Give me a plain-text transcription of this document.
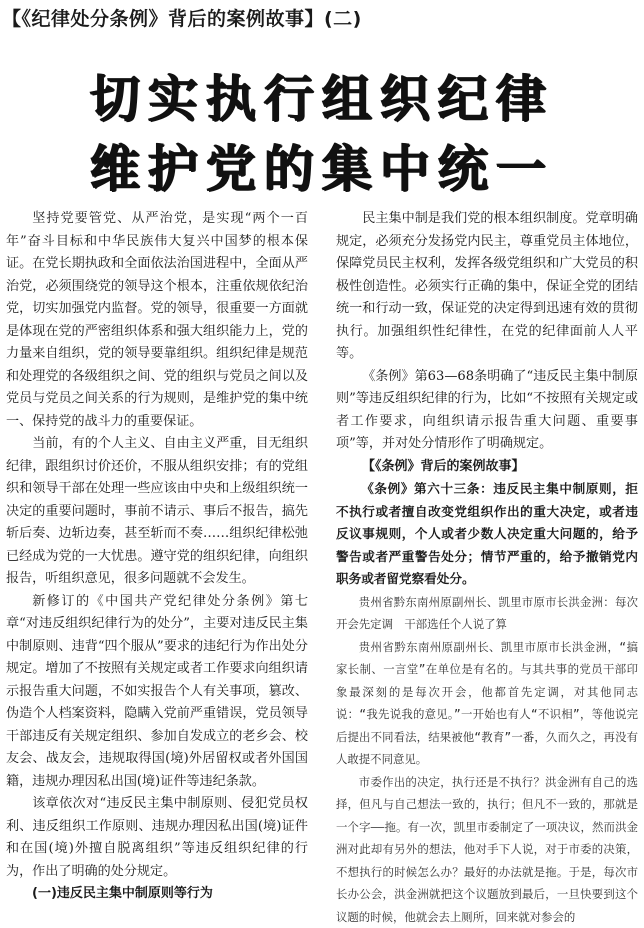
【《纪律处分条例》背后的案例故事】(二)
切实执行组织纪律
维护党的集中统一

坚持党要管党、从严治党，是实现“两个一百年”奋斗目标和中华民族伟大复兴中国梦的根本保证。在党长期执政和全面依法治国进程中，全面从严治党，必须围绕党的领导这个根本，注重依规依纪治党，切实加强党内监督。党的领导，很重要一方面就是体现在党的严密组织体系和强大组织能力上，党的力量来自组织，党的领导要靠组织。组织纪律是规范和处理党的各级组织之间、党的组织与党员之间以及党员与党员之间关系的行为规则，是维护党的集中统一、保持党的战斗力的重要保证。

当前，有的个人主义、自由主义严重，目无组织纪律，跟组织讨价还价，不服从组织安排；有的党组织和领导干部在处理一些应该由中央和上级组织统一决定的重要问题时，事前不请示、事后不报告，搞先斩后奏、边斩边奏，甚至斩而不奏……组织纪律松弛已经成为党的一大忧患。遵守党的组织纪律，向组织报告，听组织意见，很多问题就不会发生。

新修订的《中国共产党纪律处分条例》第七章“对违反组织纪律行为的处分”，主要对违反民主集中制原则、违背“四个服从”要求的违纪行为作出处分规定。增加了不按照有关规定或者工作要求向组织请示报告重大问题，不如实报告个人有关事项，篡改、伪造个人档案资料，隐瞒入党前严重错误，党员领导干部违反有关规定组织、参加自发成立的老乡会、校友会、战友会，违规取得国(境)外居留权或者外国国籍，违规办理因私出国(境)证件等违纪条款。

该章依次对“违反民主集中制原则、侵犯党员权利、违反组织工作原则、违规办理因私出国(境)证件和在国(境)外擅自脱离组织”等违反组织纪律的行为，作出了明确的处分规定。

(一)违反民主集中制原则等行为

民主集中制是我们党的根本组织制度。党章明确规定，必须充分发扬党内民主，尊重党员主体地位，保障党员民主权利，发挥各级党组织和广大党员的积极性创造性。必须实行正确的集中，保证全党的团结统一和行动一致，保证党的决定得到迅速有效的贯彻执行。加强组织性纪律性，在党的纪律面前人人平等。

《条例》第63—68条明确了“违反民主集中制原则”等违反组织纪律的行为，比如“不按照有关规定或者工作要求，向组织请示报告重大问题、重要事项”等，并对处分情形作了明确规定。

【《条例》背后的案例故事】

《条例》第六十三条：违反民主集中制原则，拒不执行或者擅自改变党组织作出的重大决定，或者违反议事规则，个人或者少数人决定重大问题的，给予警告或者严重警告处分；情节严重的，给予撤销党内职务或者留党察看处分。

贵州省黔东南州原副州长、凯里市原市长洪金洲：每次开会先定调　干部选任个人说了算

贵州省黔东南州原副州长、凯里市原市长洪金洲，“搞家长制、一言堂”在单位是有名的。与其共事的党员干部印象最深刻的是每次开会，他都首先定调，对其他同志说：“我先说我的意见。”一开始也有人“不识相”，等他说完后提出不同看法，结果被他“教育”一番，久而久之，再没有人敢提不同意见。

市委作出的决定，执行还是不执行？洪金洲有自己的选择，但凡与自己想法一致的，执行；但凡不一致的，那就是一个字——拖。有一次，凯里市委制定了一项决议，然而洪金洲对此却有另外的想法，他对手下人说，对于市委的决策，不想执行的时候怎么办？最好的办法就是拖。于是，每次市长办公会，洪金洲就把这个议题放到最后，一旦快要到这个议题的时候，他就会去上厕所，回来就对参会的
